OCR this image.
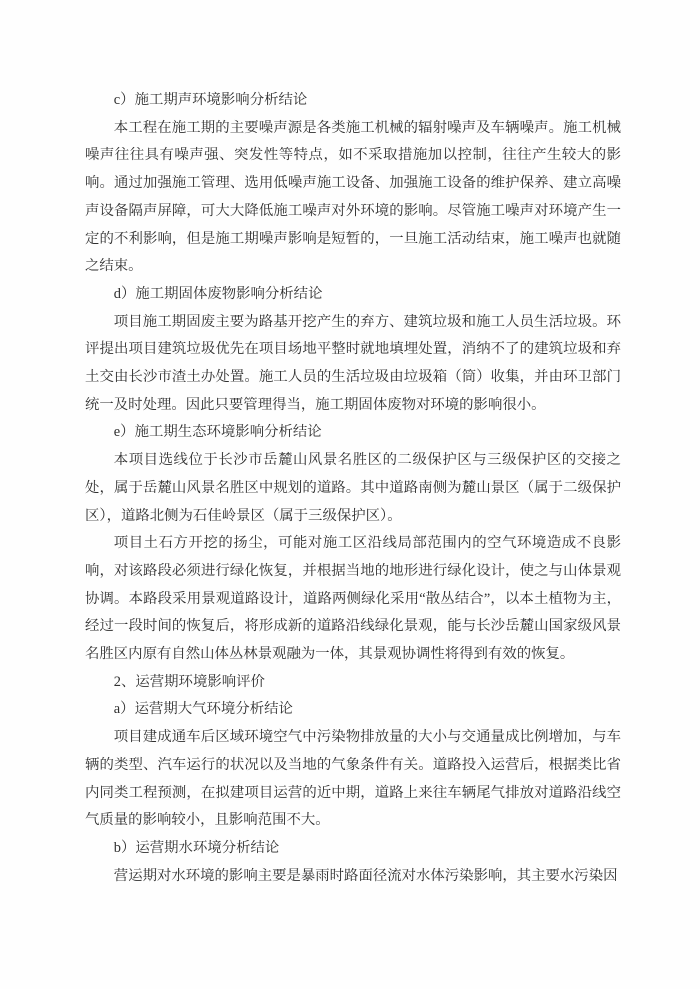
c）施工期声环境影响分析结论

本工程在施工期的主要噪声源是各类施工机械的辐射噪声及车辆噪声。施工机械噪声往往具有噪声强、突发性等特点，如不采取措施加以控制，往往产生较大的影响。通过加强施工管理、选用低噪声施工设备、加强施工设备的维护保养、建立高噪声设备隔声屏障，可大大降低施工噪声对外环境的影响。尽管施工噪声对环境产生一定的不利影响，但是施工期噪声影响是短暂的，一旦施工活动结束，施工噪声也就随之结束。

d）施工期固体废物影响分析结论

项目施工期固废主要为路基开挖产生的弃方、建筑垃圾和施工人员生活垃圾。环评提出项目建筑垃圾优先在项目场地平整时就地填埋处置，消纳不了的建筑垃圾和弃土交由长沙市渣土办处置。施工人员的生活垃圾由垃圾箱（筒）收集，并由环卫部门统一及时处理。因此只要管理得当，施工期固体废物对环境的影响很小。

e）施工期生态环境影响分析结论

本项目选线位于长沙市岳麓山风景名胜区的二级保护区与三级保护区的交接之处，属于岳麓山风景名胜区中规划的道路。其中道路南侧为麓山景区（属于二级保护区），道路北侧为石佳岭景区（属于三级保护区）。

项目土石方开挖的扬尘，可能对施工区沿线局部范围内的空气环境造成不良影响，对该路段必须进行绿化恢复，并根据当地的地形进行绿化设计，使之与山体景观协调。本路段采用景观道路设计，道路两侧绿化采用“散丛结合”，以本土植物为主，经过一段时间的恢复后，将形成新的道路沿线绿化景观，能与长沙岳麓山国家级风景名胜区内原有自然山体丛林景观融为一体，其景观协调性将得到有效的恢复。

2、运营期环境影响评价

a）运营期大气环境分析结论

项目建成通车后区域环境空气中污染物排放量的大小与交通量成比例增加，与车辆的类型、汽车运行的状况以及当地的气象条件有关。道路投入运营后，根据类比省内同类工程预测，在拟建项目运营的近中期，道路上来往车辆尾气排放对道路沿线空气质量的影响较小，且影响范围不大。

b）运营期水环境分析结论

营运期对水环境的影响主要是暴雨时路面径流对水体污染影响，其主要水污染因
